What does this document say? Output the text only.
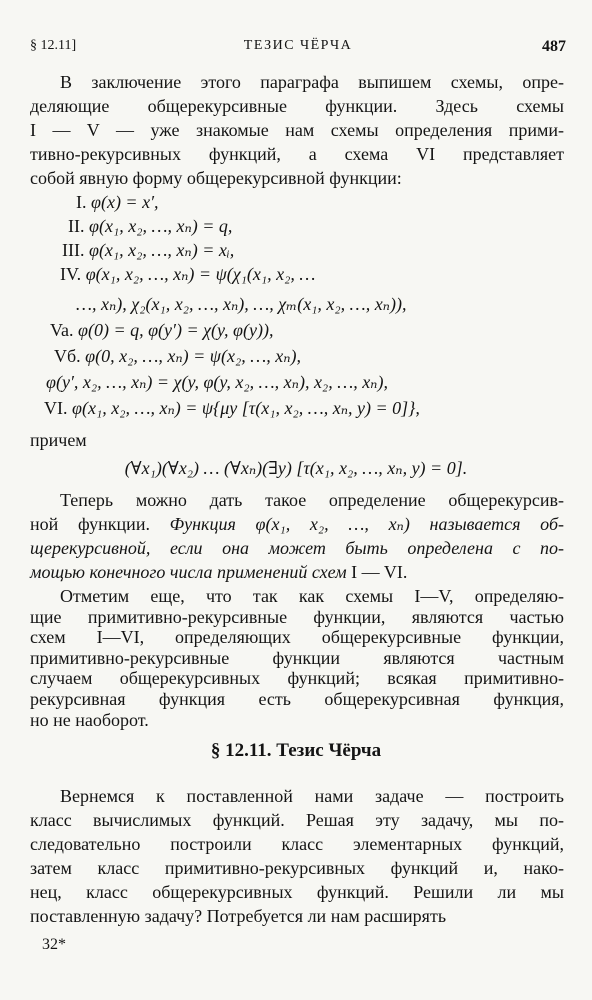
§ 12.11]	ТЕЗИС ЧЁРЧА	487
В заключение этого параграфа выпишем схемы, опре-
деляющие общерекурсивные функции. Здесь схемы
I — V — уже знакомые нам схемы определения прими-
тивно-рекурсивных функций, а схема VI представляет
собой явную форму общерекурсивной функции:
I. φ(x) = x′,
II. φ(x₁, x₂, …, xₙ) = q,
III. φ(x₁, x₂, …, xₙ) = xᵢ,
IV. φ(x₁, x₂, …, xₙ) = ψ(χ₁(x₁, x₂, …
…, xₙ), χ₂(x₁, x₂, …, xₙ), …, χₘ(x₁, x₂, …, xₙ)),
Va. φ(0) = q, φ(y′) = χ(y, φ(y)),
Vб. φ(0, x₂, …, xₙ) = ψ(x₂, …, xₙ),
φ(y′, x₂, …, xₙ) = χ(y, φ(y, x₂, …, xₙ), x₂, …, xₙ),
VI. φ(x₁, x₂, …, xₙ) = ψ{μy [τ(x₁, x₂, …, xₙ, y) = 0]},
причем
(∀x₁)(∀x₂) … (∀xₙ)(∃y) [τ(x₁, x₂, …, xₙ, y) = 0].
Теперь можно дать такое определение общерекурсив-
ной функции. Функция φ(x₁, x₂, …, xₙ) называется об-
щерекурсивной, если она может быть определена с по-
мощью конечного числа применений схем I — VI.
Отметим еще, что так как схемы I—V, определяю-
щие примитивно-рекурсивные функции, являются частью
схем I—VI, определяющих общерекурсивные функции,
примитивно-рекурсивные функции являются частным
случаем общерекурсивных функций; всякая примитивно-
рекурсивная функция есть общерекурсивная функция,
§ 12.11. Тезис Чёрча
Вернемся к поставленной нами задаче — построить
класс вычислимых функций. Решая эту задачу, мы по-
следовательно построили класс элементарных функций,
затем класс примитивно-рекурсивных функций и, нако-
нец, класс общерекурсивных функций. Решили ли мы
поставленную задачу? Потребуется ли нам расширять
32*
но не наоборот.
